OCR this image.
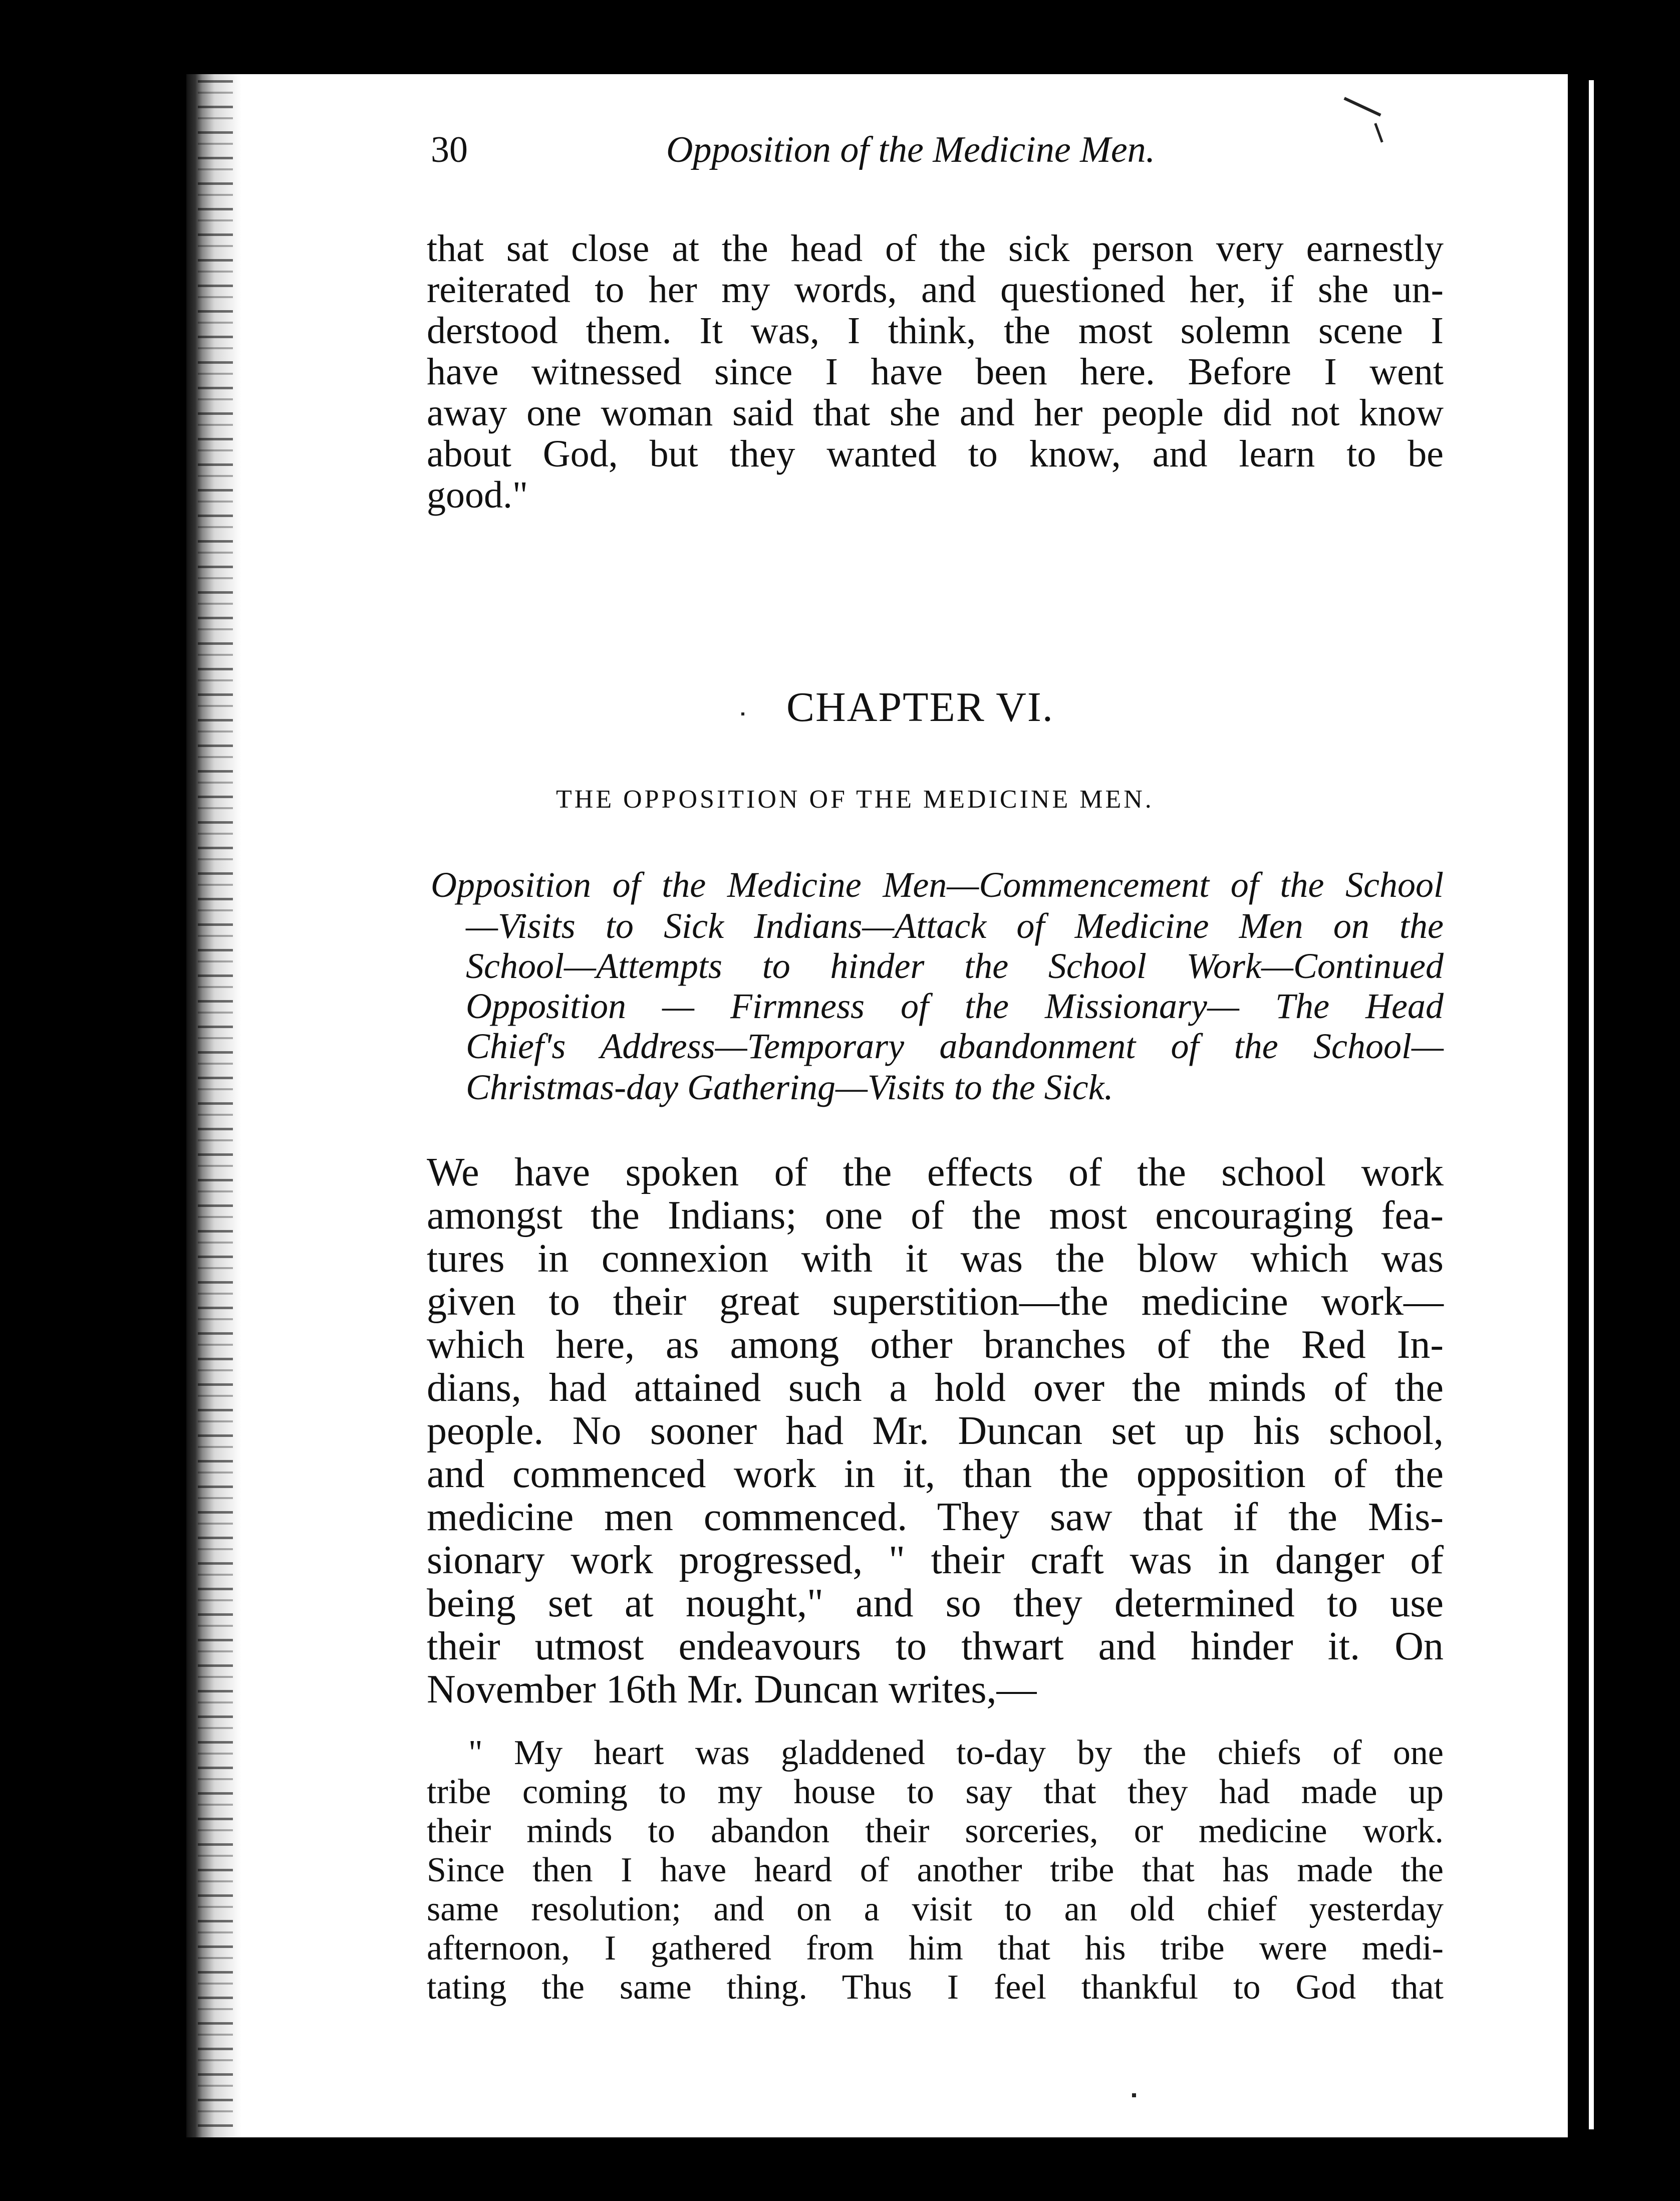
30	Opposition of the Medicine Men.
that sat close at the head of the sick person very earnestly
reiterated to her my words, and questioned her, if she un-
derstood them. It was, I think, the most solemn scene I
have witnessed since I have been here. Before I went
away one woman said that she and her people did not know
about God, but they wanted to know, and learn to be
good."
CHAPTER VI.
THE OPPOSITION OF THE MEDICINE MEN.
Opposition of the Medicine Men—Commencement of the School
—Visits to Sick Indians—Attack of Medicine Men on the
School—Attempts to hinder the School Work—Continued
Opposition — Firmness of the Missionary— The Head
Chief's Address—Temporary abandonment of the School—
Christmas-day Gathering—Visits to the Sick.
We have spoken of the effects of the school work
amongst the Indians; one of the most encouraging fea-
tures in connexion with it was the blow which was
given to their great superstition—the medicine work—
which here, as among other branches of the Red In-
dians, had attained such a hold over the minds of the
people. No sooner had Mr. Duncan set up his school,
and commenced work in it, than the opposition of the
medicine men commenced. They saw that if the Mis-
sionary work progressed, " their craft was in danger of
being set at nought," and so they determined to use
their utmost endeavours to thwart and hinder it. On
November 16th Mr. Duncan writes,—
" My heart was gladdened to-day by the chiefs of one
tribe coming to my house to say that they had made up
their minds to abandon their sorceries, or medicine work.
Since then I have heard of another tribe that has made the
same resolution; and on a visit to an old chief yesterday
afternoon, I gathered from him that his tribe were medi-
tating the same thing. Thus I feel thankful to God that
